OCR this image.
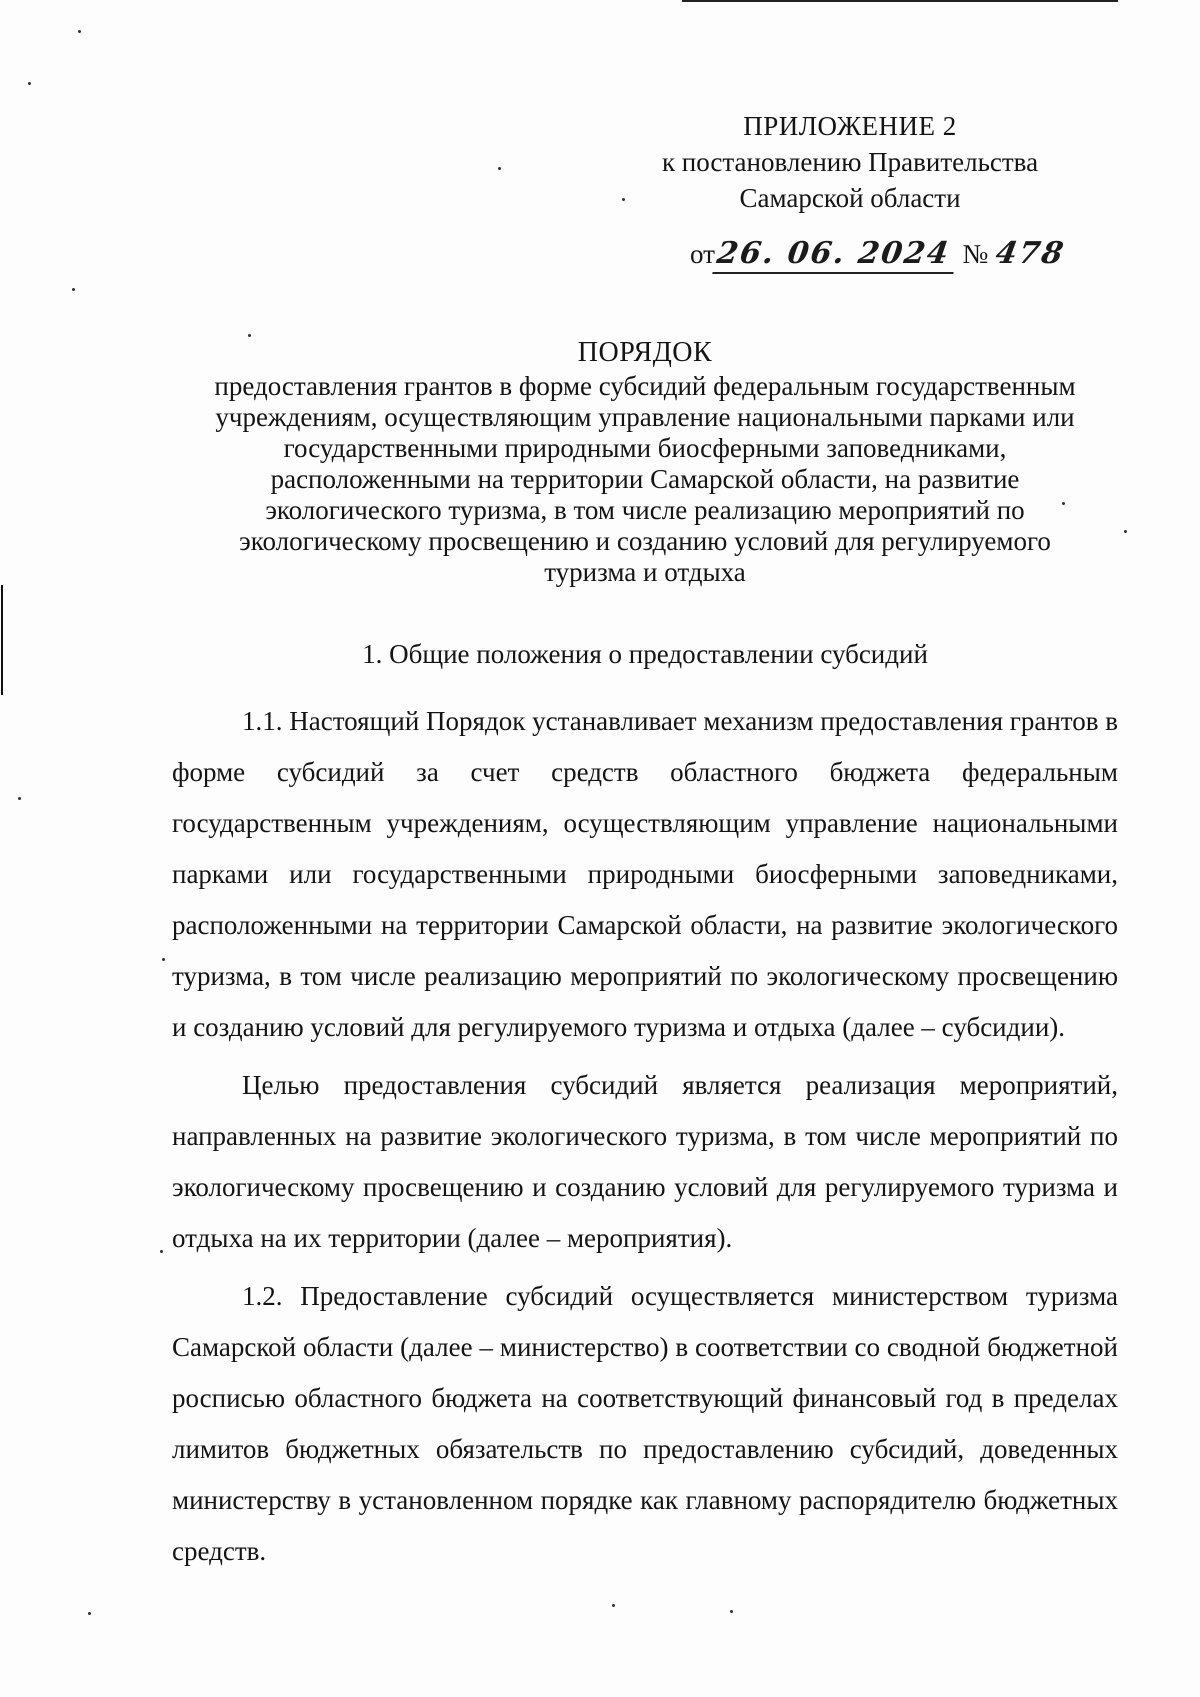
ПРИЛОЖЕНИЕ 2
к постановлению Правительства
Самарской области
от26. 06. 2024 № 478
ПОРЯДОК
предоставления грантов в форме субсидий федеральным государственным
учреждениям, осуществляющим управление национальными парками или
государственными природными биосферными заповедниками,
расположенными на территории Самарской области, на развитие
экологического туризма, в том числе реализацию мероприятий по
экологическому просвещению и созданию условий для регулируемого
туризма и отдыха
1. Общие положения о предоставлении субсидий

1.1. Настоящий Порядок устанавливает механизм предоставления грантов в форме субсидий за счет средств областного бюджета федеральным государственным учреждениям, осуществляющим управление национальными парками или государственными природными биосферными заповедниками, расположенными на территории Самарской области, на развитие экологического туризма, в том числе реализацию мероприятий по экологическому просвещению и созданию условий для регулируемого туризма и отдыха (далее – субсидии).

Целью предоставления субсидий является реализация мероприятий, направленных на развитие экологического туризма, в том числе мероприятий по экологическому просвещению и созданию условий для регулируемого туризма и отдыха на их территории (далее – мероприятия).

1.2. Предоставление субсидий осуществляется министерством туризма Самарской области (далее – министерство) в соответствии со сводной бюджетной росписью областного бюджета на соответствующий финансовый год в пределах лимитов бюджетных обязательств по предоставлению субсидий, доведенных министерству в установленном порядке как главному распорядителю бюджетных средств.
